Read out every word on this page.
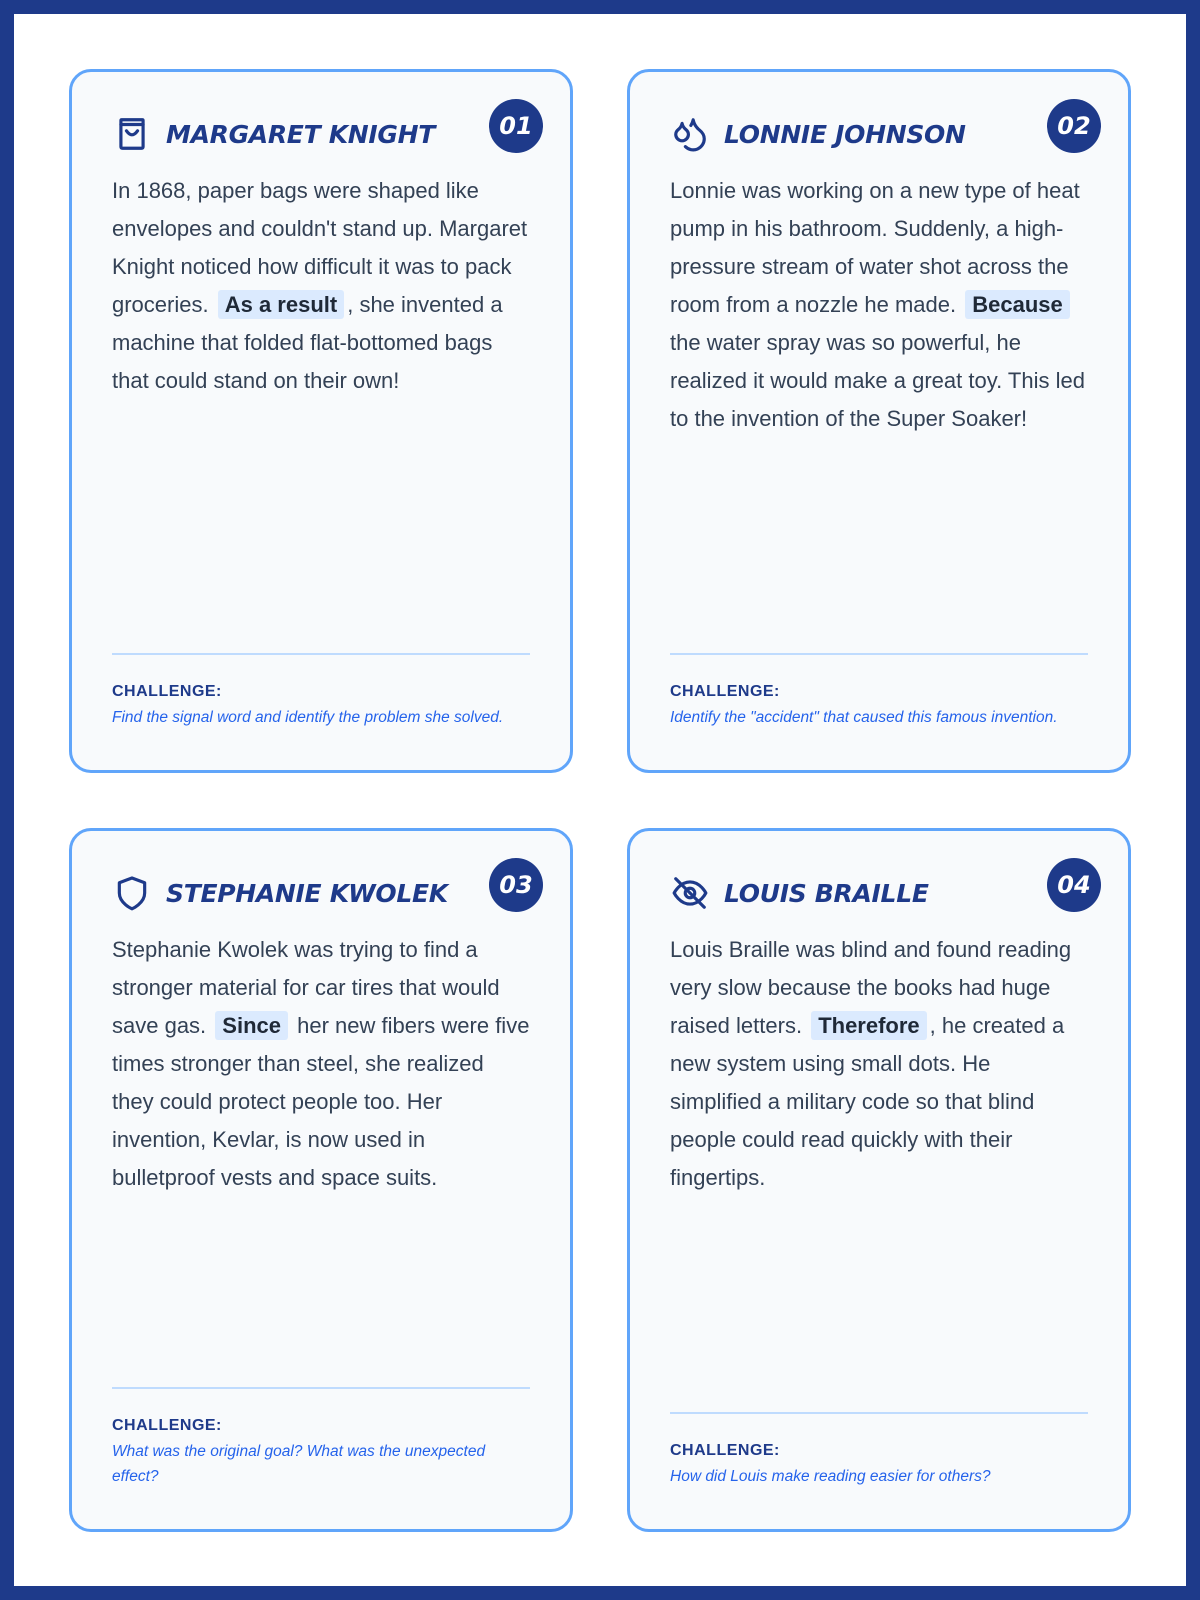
01
MARGARET KNIGHT
In 1868, paper bags were shaped like envelopes and couldn't stand up. Margaret Knight noticed how difficult it was to pack groceries. As a result , she invented a machine that folded flat-bottomed bags that could stand on their own!
CHALLENGE:
Find the signal word and identify the problem she solved.
02
LONNIE JOHNSON
Lonnie was working on a new type of heat pump in his bathroom. Suddenly, a high-pressure stream of water shot across the room from a nozzle he made. Because the water spray was so powerful, he realized it would make a great toy. This led to the invention of the Super Soaker!
CHALLENGE:
Identify the "accident" that caused this famous invention.
03
STEPHANIE KWOLEK
Stephanie Kwolek was trying to find a stronger material for car tires that would save gas. Since her new fibers were five times stronger than steel, she realized they could protect people too. Her invention, Kevlar, is now used in bulletproof vests and space suits.
CHALLENGE:
What was the original goal? What was the unexpected effect?
04
LOUIS BRAILLE
Louis Braille was blind and found reading very slow because the books had huge raised letters. Therefore , he created a new system using small dots. He simplified a military code so that blind people could read quickly with their fingertips.
CHALLENGE:
How did Louis make reading easier for others?
